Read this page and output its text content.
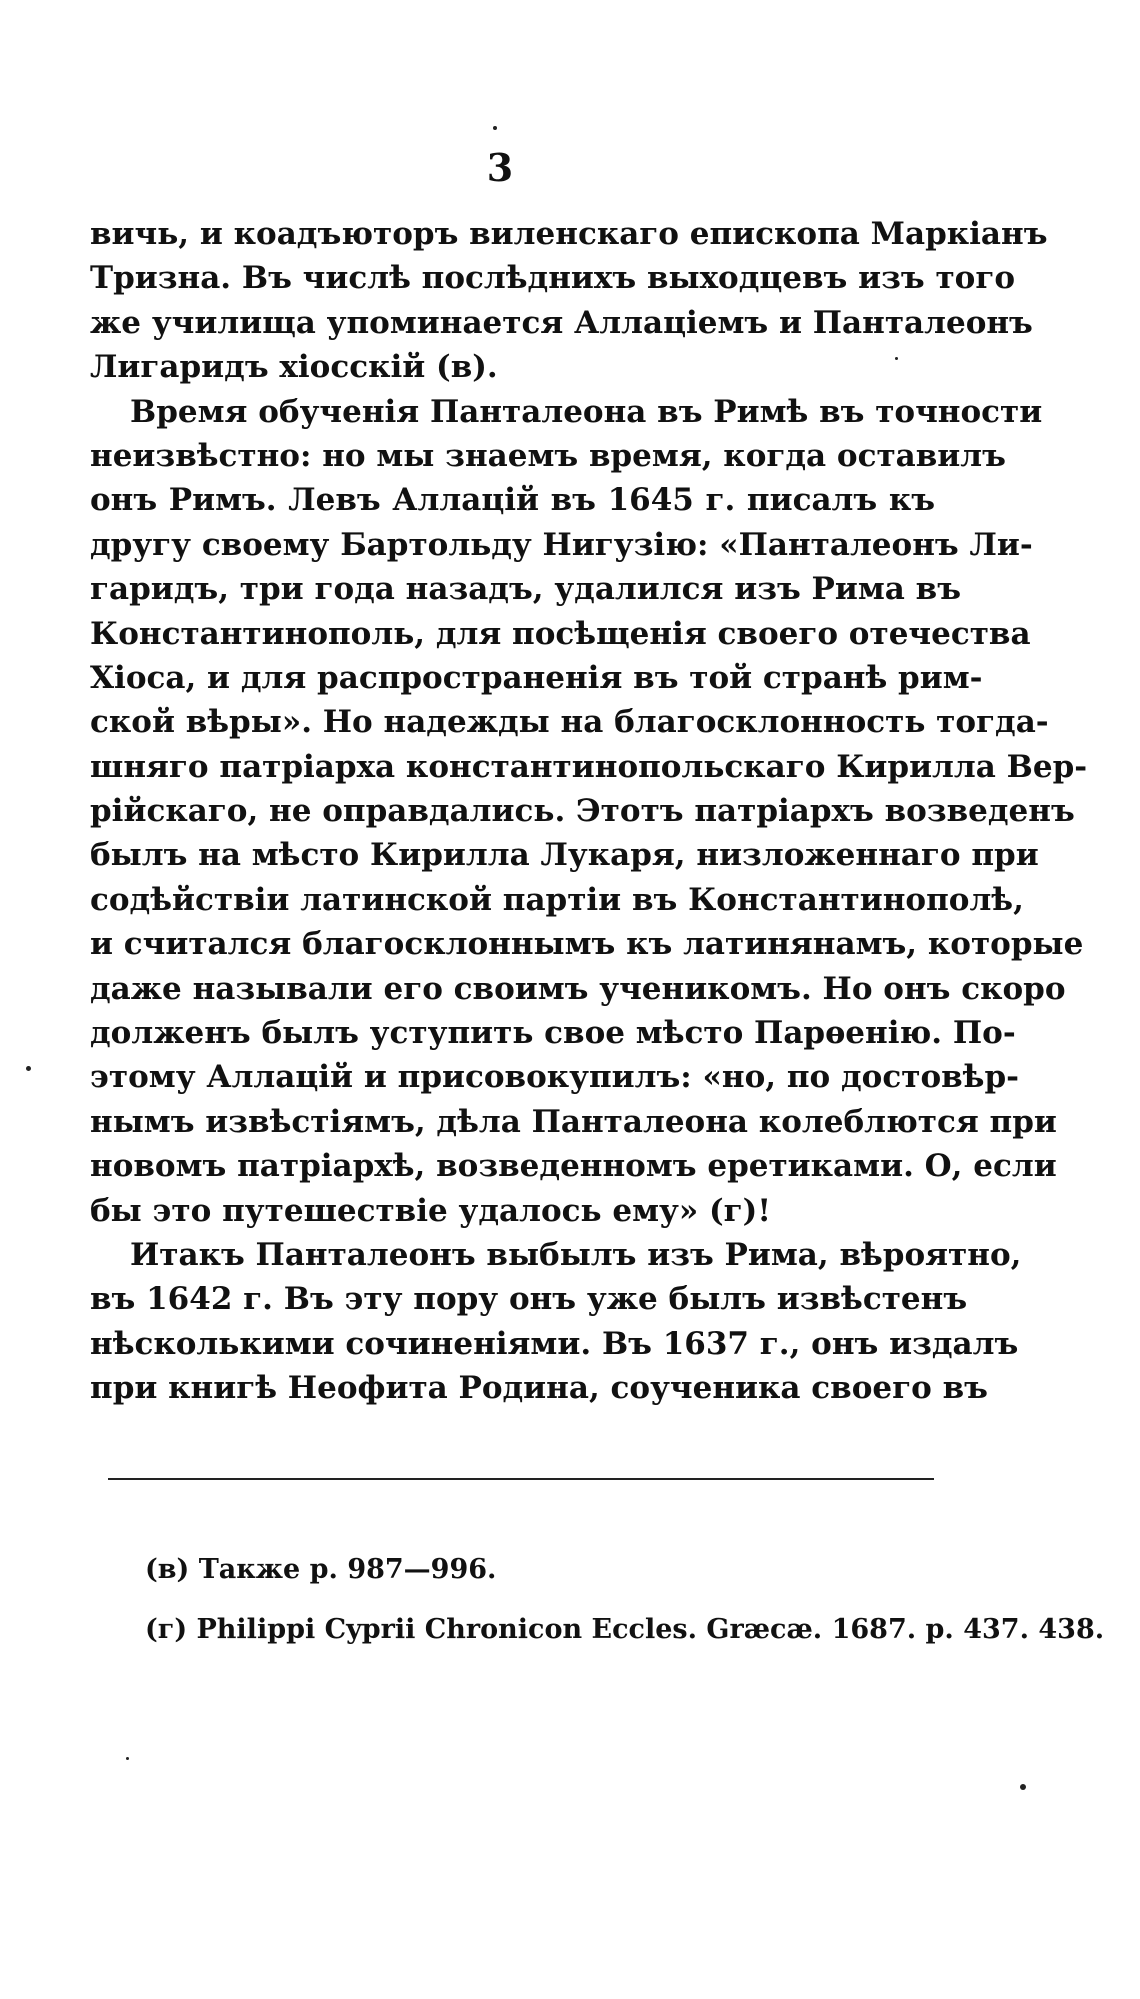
3
вичь, и коадъюторъ виленскаго епископа Маркіанъ
Тризна. Въ числѣ послѣднихъ выходцевъ изъ того
же училища упоминается Аллаціемъ и Панталеонъ
Лигаридъ хіосскій (в).
Время обученія Панталеона въ Римѣ въ точности
неизвѣстно: но мы знаемъ время, когда оставилъ
онъ Римъ. Левъ Аллацій въ 1645 г. писалъ къ
другу своему Бартольду Нигузію: «Панталеонъ Ли-
гаридъ, три года назадъ, удалился изъ Рима въ
Константинополь, для посѣщенія своего отечества
Хіоса, и для распространенія въ той странѣ рим-
ской вѣры». Но надежды на благосклонность тогда-
шняго патріарха константинопольскаго Кирилла Вер-
рійскаго, не оправдались. Этотъ патріархъ возведенъ
былъ на мѣсто Кирилла Лукаря, низложеннаго при
содѣйствіи латинской партіи въ Константинополѣ,
и считался благосклоннымъ къ латинянамъ, которые
даже называли его своимъ ученикомъ. Но онъ скоро
долженъ былъ уступить свое мѣсто Парѳенію. По-
этому Аллацій и присовокупилъ: «но, по достовѣр-
нымъ извѣстіямъ, дѣла Панталеона колеблются при
новомъ патріархѣ, возведенномъ еретиками. О, если
бы это путешествіе удалось ему» (г)!
Итакъ Панталеонъ выбылъ изъ Рима, вѣроятно,
въ 1642 г. Въ эту пору онъ уже былъ извѣстенъ
нѣсколькими сочиненіями. Въ 1637 г., онъ издалъ
при книгѣ Неофита Родина, соученика своего въ
(в) Также р. 987—996.
(г) Philippi Cyprii Chronicon Eccles. Græcæ. 1687. р. 437. 438.
